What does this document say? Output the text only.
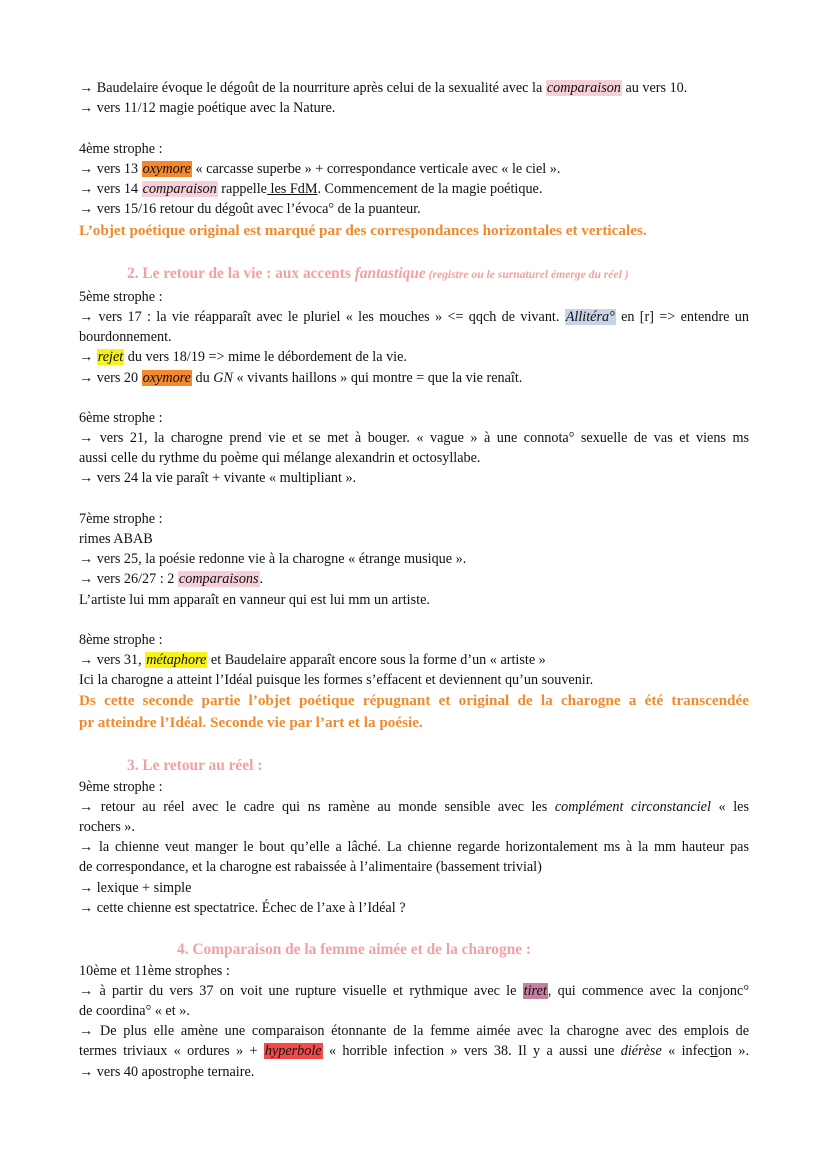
→ Baudelaire évoque le dégoût de la nourriture après celui de la sexualité avec la comparaison au vers 10.
→ vers 11/12 magie poétique avec la Nature.
4ème strophe :
→ vers 13 oxymore « carcasse superbe » + correspondance verticale avec « le ciel ».
→ vers 14 comparaison rappelle les FdM. Commencement de la magie poétique.
→ vers 15/16 retour du dégoût avec l’évoca° de la puanteur.
L’objet poétique original est marqué par des correspondances horizontales et verticales.
2. Le retour de la vie : aux accents fantastique (registre ou le surnaturel émerge du réel )
5ème strophe :
→ vers 17 : la vie réapparaît avec le pluriel « les mouches » <= qqch de vivant. Allitéra° en [r] => entendre un
bourdonnement.
→ rejet du vers 18/19 => mime le débordement de la vie.
→ vers 20 oxymore du GN « vivants haillons » qui montre = que la vie renaît.
6ème strophe :
→ vers 21, la charogne prend vie et se met à bouger. « vague » à une connota° sexuelle de vas et viens ms
aussi celle du rythme du poème qui mélange alexandrin et octosyllabe.
→ vers 24 la vie paraît + vivante « multipliant ».
7ème strophe :
rimes ABAB
→ vers 25, la poésie redonne vie à la charogne « étrange musique ».
→ vers 26/27 : 2 comparaisons.
L’artiste lui mm apparaît en vanneur qui est lui mm un artiste.
8ème strophe :
→ vers 31, métaphore et Baudelaire apparaît encore sous la forme d’un « artiste »
Ici la charogne a atteint l’Idéal puisque les formes s’effacent et deviennent qu’un souvenir.
Ds cette seconde partie l’objet poétique répugnant et original de la charogne a été transcendée
pr atteindre l’Idéal. Seconde vie par l’art et la poésie.
3. Le retour au réel :
9ème strophe :
→ retour au réel avec le cadre qui ns ramène au monde sensible avec les complément circonstanciel « les
rochers ».
→ la chienne veut manger le bout qu’elle a lâché. La chienne regarde horizontalement ms à la mm hauteur pas
de correspondance, et la charogne est rabaissée à l’alimentaire (bassement trivial)
→ lexique + simple
→ cette chienne est spectatrice. Échec de l’axe à l’Idéal ?
4. Comparaison de la femme aimée et de la charogne :
10ème et 11ème strophes :
→ à partir du vers 37 on voit une rupture visuelle et rythmique avec le tiret, qui commence avec la conjonc°
de coordina° « et ».
→ De plus elle amène une comparaison étonnante de la femme aimée avec la charogne avec des emplois de
termes triviaux « ordures » + hyperbole « horrible infection » vers 38. Il y a aussi une diérèse « infection ».
→ vers 40 apostrophe ternaire.
